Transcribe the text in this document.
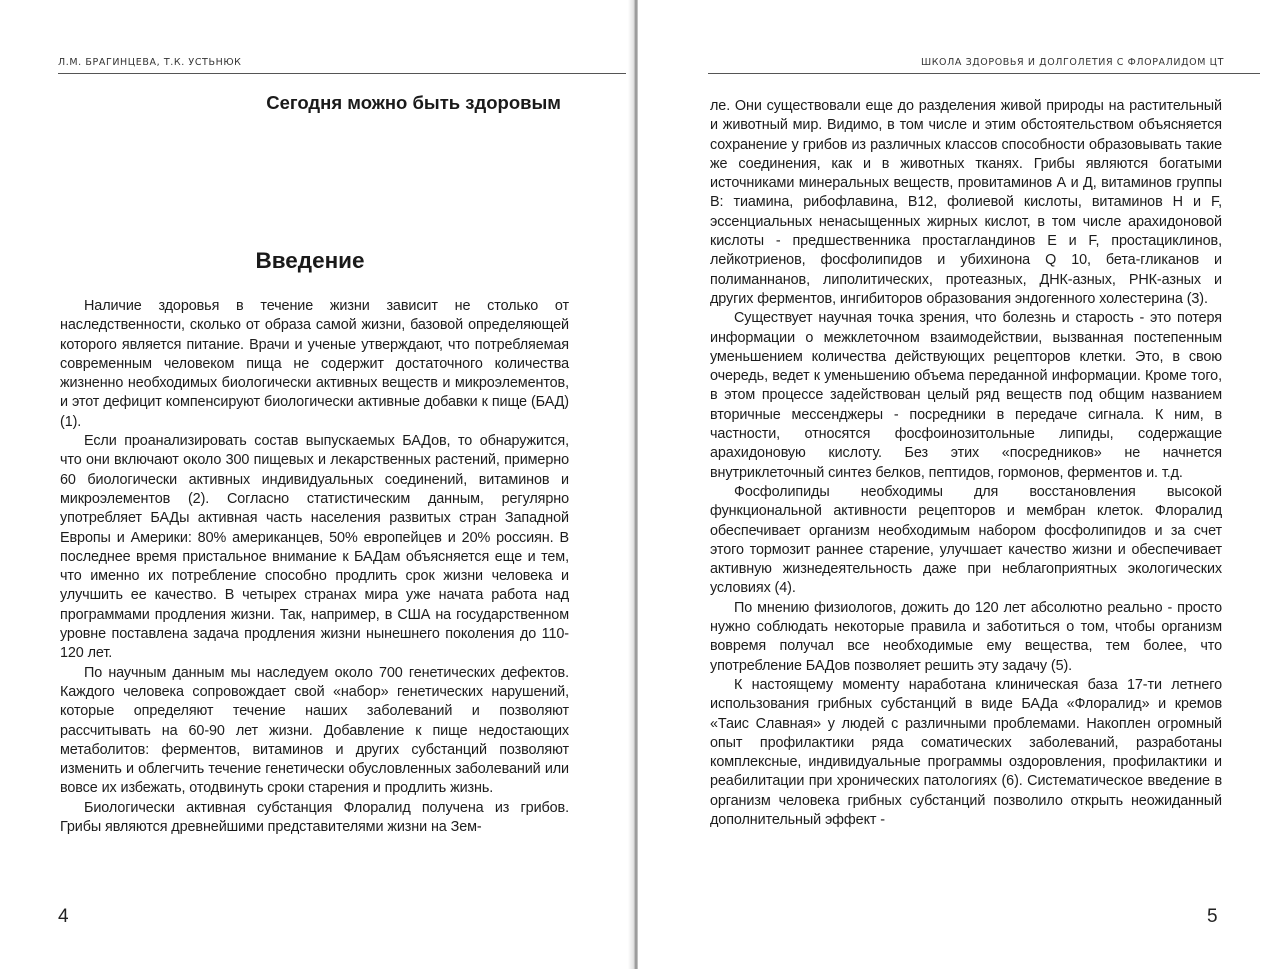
Л.М. БРАГИНЦЕВА, Т.К. УСТЬНЮК
Сегодня можно быть здоровым
Введение

Наличие здоровья в течение жизни зависит не столько от наследственности, сколько от образа самой жизни, базовой определяющей которого является питание. Врачи и ученые утверждают, что потребляемая современным человеком пища не содержит достаточного количества жизненно необходимых биологически активных веществ и микроэлементов, и этот дефицит компенсируют биологически активные добавки к пище (БАД) (1).

Если проанализировать состав выпускаемых БАДов, то обнаружится, что они включают около 300 пищевых и лекарственных растений, примерно 60 биологически активных индивидуальных соединений, витаминов и микроэлементов (2). Согласно статистическим данным, регулярно употребляет БАДы активная часть населения развитых стран Западной Европы и Америки: 80% американцев, 50% европейцев и 20% россиян. В последнее время пристальное внимание к БАДам объясняется еще и тем, что именно их потребление способно продлить срок жизни человека и улучшить ее качество. В четырех странах мира уже начата работа над программами продления жизни. Так, например, в США на государственном уровне поставлена задача продления жизни нынешнего поколения до 110-120 лет.

По научным данным мы наследуем около 700 генетических дефектов. Каждого человека сопровождает свой «набор» генетических нарушений, которые определяют течение наших заболеваний и позволяют рассчитывать на 60-90 лет жизни. Добавление к пище недостающих метаболитов: ферментов, витаминов и других субстанций позволяют изменить и облегчить течение генетически обусловленных заболеваний или вовсе их избежать, отодвинуть сроки старения и продлить жизнь.

Биологически активная субстанция Флоралид получена из грибов. Грибы являются древнейшими представителями жизни на Зем-

4
ШКОЛА ЗДОРОВЬЯ И ДОЛГОЛЕТИЯ С ФЛОРАЛИДОМ ЦТ
5

ле. Они существовали еще до разделения живой природы на растительный и животный мир. Видимо, в том числе и этим обстоятельством объясняется сохранение у грибов из различных классов способности образовывать такие же соединения, как и в животных тканях. Грибы являются богатыми источниками минеральных веществ, провитаминов А и Д, витаминов группы В: тиамина, рибофлавина, В12, фолиевой кислоты, витаминов Н и F, эссенциальных ненасыщенных жирных кислот, в том числе арахидоновой кислоты - предшественника простагландинов Е и F, простациклинов, лейкотриенов, фосфолипидов и убихинона Q 10, бета-гликанов и полиманнанов, липолитических, протеазных, ДНК-азных, РНК-азных и других ферментов, ингибиторов образования эндогенного холестерина (3).

Существует научная точка зрения, что болезнь и старость - это потеря информации о межклеточном взаимодействии, вызванная постепенным уменьшением количества действующих рецепторов клетки. Это, в свою очередь, ведет к уменьшению объема переданной информации. Кроме того, в этом процессе задействован целый ряд веществ под общим названием вторичные мессенджеры - посредники в передаче сигнала. К ним, в частности, относятся фосфоинозитольные липиды, содержащие арахидоновую кислоту. Без этих «посредников» не начнется внутриклеточный синтез белков, пептидов, гормонов, ферментов и. т.д.

Фосфолипиды необходимы для восстановления высокой функциональной активности рецепторов и мембран клеток. Флоралид обеспечивает организм необходимым набором фосфолипидов и за счет этого тормозит раннее старение, улучшает качество жизни и обеспечивает активную жизнедеятельность даже при неблагоприятных экологических условиях (4).

По мнению физиологов, дожить до 120 лет абсолютно реально - просто нужно соблюдать некоторые правила и заботиться о том, чтобы организм вовремя получал все необходимые ему вещества, тем более, что употребление БАДов позволяет решить эту задачу (5).

К настоящему моменту наработана клиническая база 17-ти летнего использования грибных субстанций в виде БАДа «Флоралид» и кремов «Таис Славная» у людей с различными проблемами. Накоплен огромный опыт профилактики ряда соматических заболеваний, разработаны комплексные, индивидуальные программы оздоровления, профилактики и реабилитации при хронических патологиях (6). Систематическое введение в организм человека грибных субстанций позволило открыть неожиданный дополнительный эффект -
